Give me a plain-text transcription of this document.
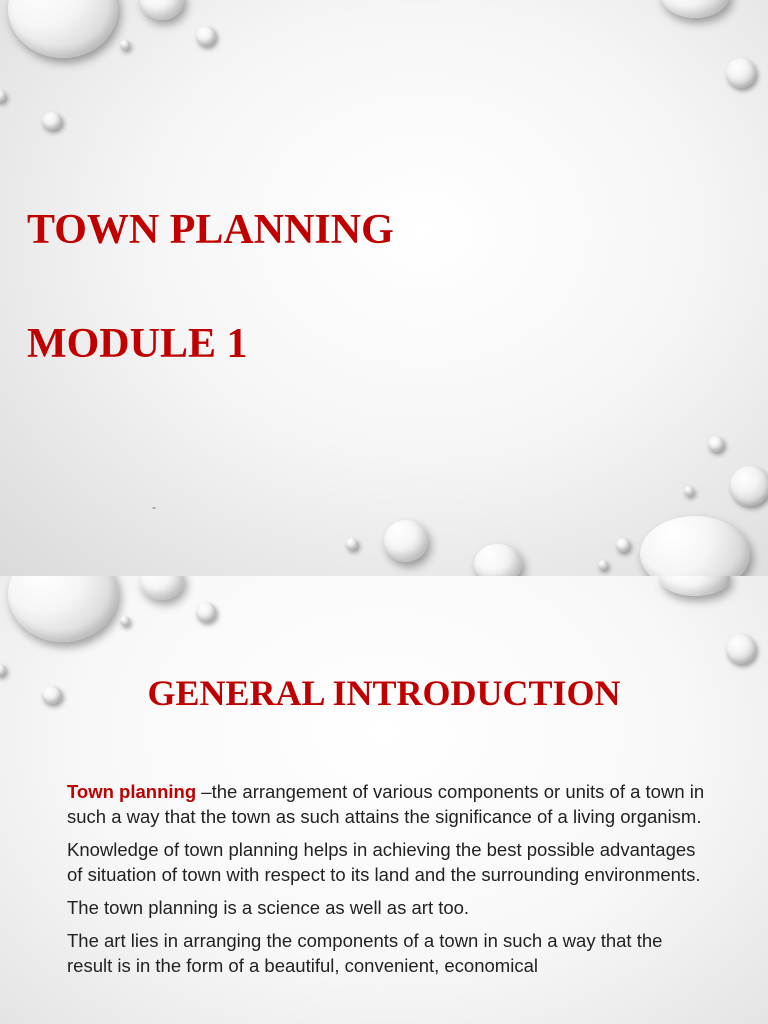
TOWN PLANNING
MODULE 1
-
GENERAL INTRODUCTION

Town planning –the arrangement of various components or units of a town in such a way that the town as such attains the significance of a living organism.

Knowledge of town planning helps in achieving the best possible advantages of situation of town with respect to its land and the surrounding environments.

The town planning is a science as well as art too.

The art lies in arranging the components of a town in such a way that the result is in the form of a beautiful, convenient, economical
